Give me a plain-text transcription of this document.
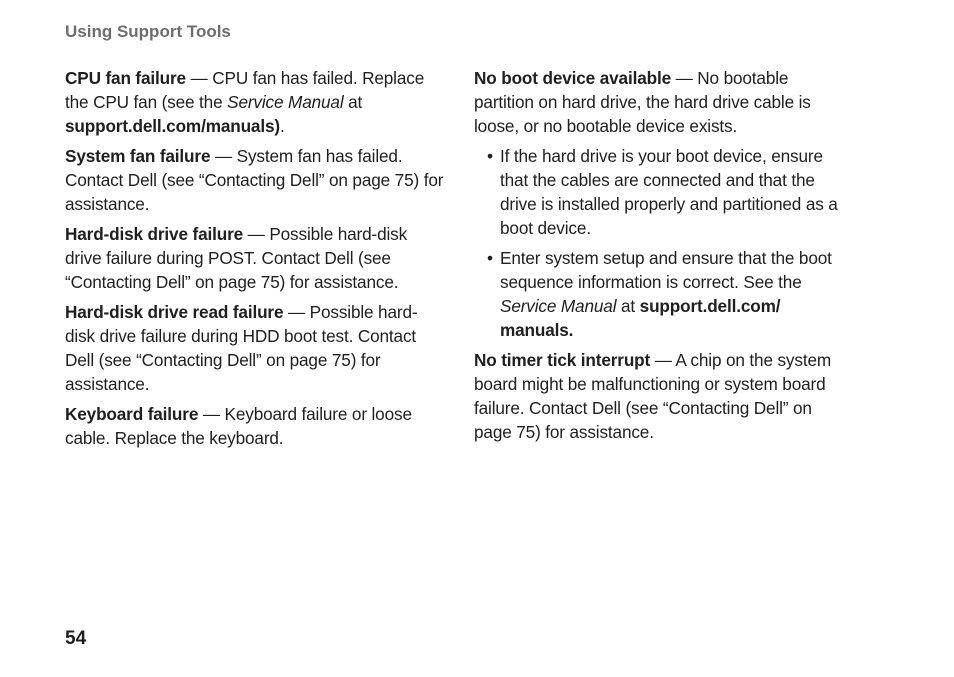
Using Support Tools

CPU fan failure — CPU fan has failed. Replace the CPU fan (see the Service Manual at support.dell.com/manuals).

System fan failure — System fan has failed. Contact Dell (see “Contacting Dell” on page 75) for assistance.

Hard-disk drive failure — Possible hard-disk drive failure during POST. Contact Dell (see “Contacting Dell” on page 75) for assistance.

Hard-disk drive read failure — Possible hard-disk drive failure during HDD boot test. Contact Dell (see “Contacting Dell” on page 75) for assistance.

Keyboard failure — Keyboard failure or loose cable. Replace the keyboard.

No boot device available — No bootable partition on hard drive, the hard drive cable is loose, or no bootable device exists.

• If the hard drive is your boot device, ensure that the cables are connected and that the drive is installed properly and partitioned as a boot device.
• Enter system setup and ensure that the boot sequence information is correct. See the Service Manual at support.dell.com/ manuals.

No timer tick interrupt — A chip on the system board might be malfunctioning or system board failure. Contact Dell (see “Contacting Dell” on page 75) for assistance.

54
